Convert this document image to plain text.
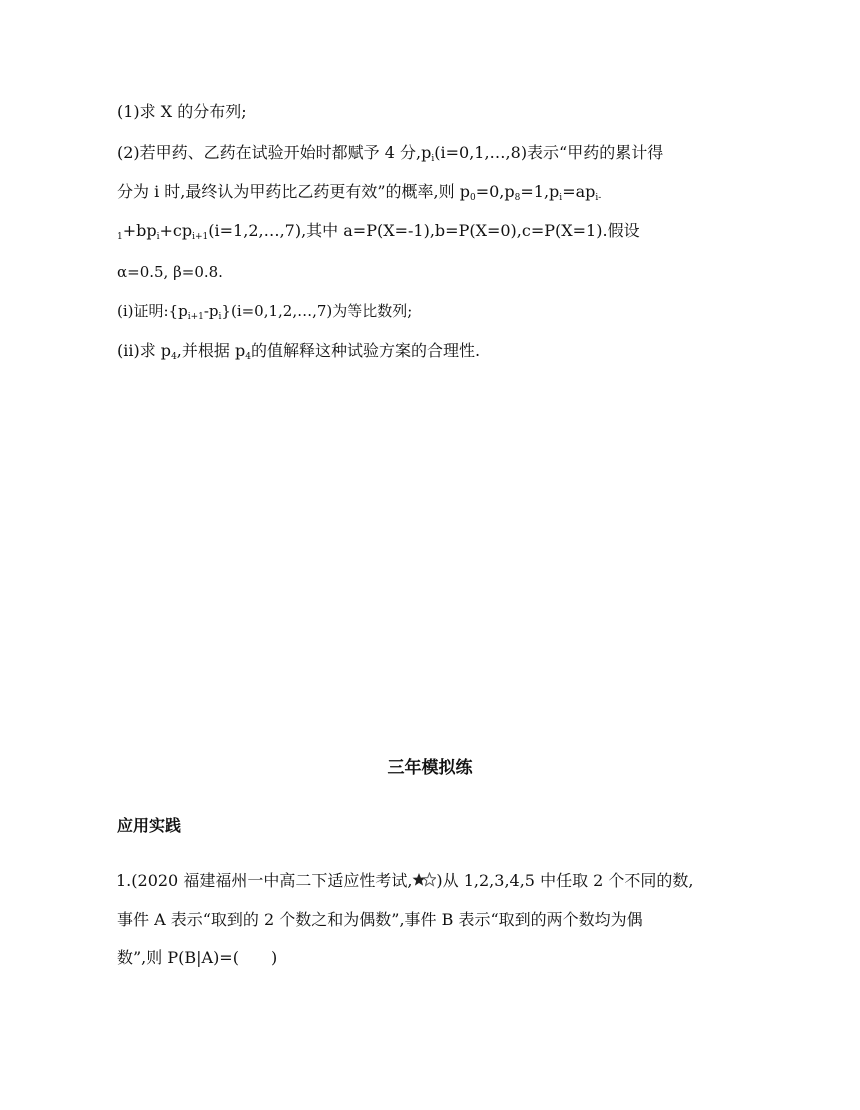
(1)求 X 的分布列;
(2)若甲药、乙药在试验开始时都赋予 4 分$,p_i(i=0,1,\dots,8)$表示“甲药的累计得
分为 i 时,最终认为甲药比乙药更有效”的概率,则 $p_0=0,p_8=1,p_i=ap_{i-}$
$_1+bp_i+cp_{i+1}(i=1,2,\dots,7)$,其中 a=P(X=-1),b=P(X=0),c=P(X=1).假设
α=0.5, β=0.8.
(i)证明$:\{p_{i+1}-p_i\}(i=0,1,2,\dots,7)$为等比数列;
(ii)求 $p_4$,并根据 $p_4$的值解释这种试验方案的合理性.
三年模拟练
应用实践
1.(2020 福建福州一中高二下适应性考试, )从 1,2,3,4,5 中任取 2 个不同的数,
事件 A 表示“取到的 2 个数之和为偶数”,事件 B 表示“取到的两个数均为偶
数”,则 P(B|A)=( )
